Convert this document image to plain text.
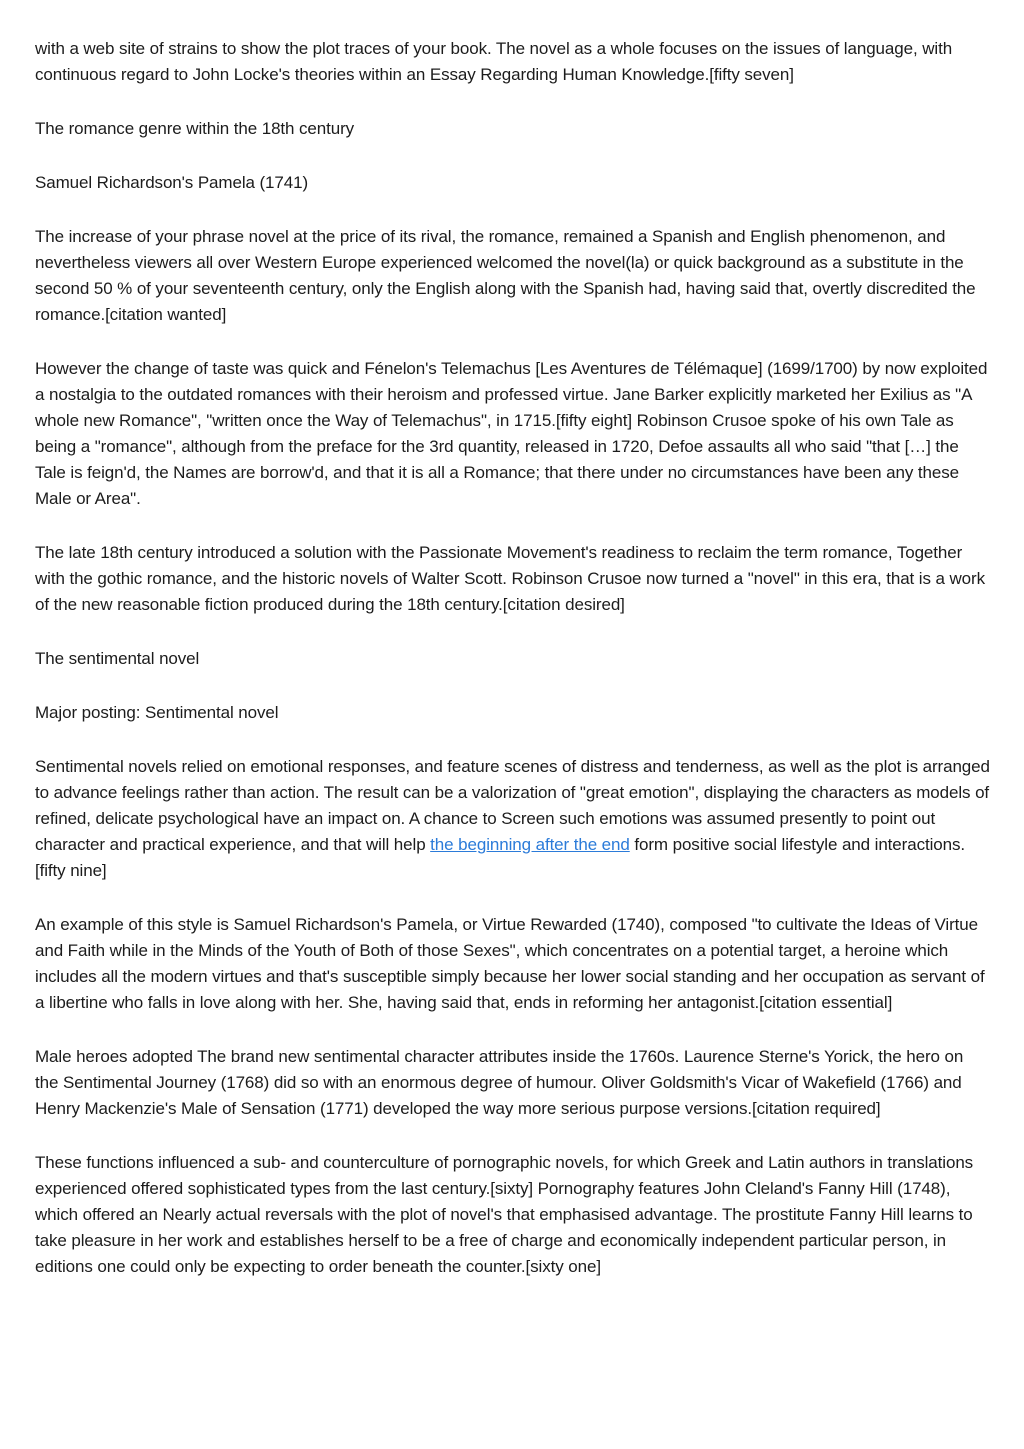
with a web site of strains to show the plot traces of your book. The novel as a whole focuses on the issues of language, with continuous regard to John Locke's theories within an Essay Regarding Human Knowledge.[fifty seven]

The romance genre within the 18th century

Samuel Richardson's Pamela (1741)

The increase of your phrase novel at the price of its rival, the romance, remained a Spanish and English phenomenon, and nevertheless viewers all over Western Europe experienced welcomed the novel(la) or quick background as a substitute in the second 50 % of your seventeenth century, only the English along with the Spanish had, having said that, overtly discredited the romance.[citation wanted]

However the change of taste was quick and Fénelon's Telemachus [Les Aventures de Télémaque] (1699/1700) by now exploited a nostalgia to the outdated romances with their heroism and professed virtue. Jane Barker explicitly marketed her Exilius as "A whole new Romance", "written once the Way of Telemachus", in 1715.[fifty eight] Robinson Crusoe spoke of his own Tale as being a "romance", although from the preface for the 3rd quantity, released in 1720, Defoe assaults all who said "that […] the Tale is feign'd, the Names are borrow'd, and that it is all a Romance; that there under no circumstances have been any these Male or Area".

The late 18th century introduced a solution with the Passionate Movement's readiness to reclaim the term romance, Together with the gothic romance, and the historic novels of Walter Scott. Robinson Crusoe now turned a "novel" in this era, that is a work of the new reasonable fiction produced during the 18th century.[citation desired]

The sentimental novel

Major posting: Sentimental novel

Sentimental novels relied on emotional responses, and feature scenes of distress and tenderness, as well as the plot is arranged to advance feelings rather than action. The result can be a valorization of "great emotion", displaying the characters as models of refined, delicate psychological have an impact on. A chance to Screen such emotions was assumed presently to point out character and practical experience, and that will help the beginning after the end form positive social lifestyle and interactions.[fifty nine]

An example of this style is Samuel Richardson's Pamela, or Virtue Rewarded (1740), composed "to cultivate the Ideas of Virtue and Faith while in the Minds of the Youth of Both of those Sexes", which concentrates on a potential target, a heroine which includes all the modern virtues and that's susceptible simply because her lower social standing and her occupation as servant of a libertine who falls in love along with her. She, having said that, ends in reforming her antagonist.[citation essential]

Male heroes adopted The brand new sentimental character attributes inside the 1760s. Laurence Sterne's Yorick, the hero on the Sentimental Journey (1768) did so with an enormous degree of humour. Oliver Goldsmith's Vicar of Wakefield (1766) and Henry Mackenzie's Male of Sensation (1771) developed the way more serious purpose versions.[citation required]

These functions influenced a sub- and counterculture of pornographic novels, for which Greek and Latin authors in translations experienced offered sophisticated types from the last century.[sixty] Pornography features John Cleland's Fanny Hill (1748), which offered an Nearly actual reversals with the plot of novel's that emphasised advantage. The prostitute Fanny Hill learns to take pleasure in her work and establishes herself to be a free of charge and economically independent particular person, in editions one could only be expecting to order beneath the counter.[sixty one]
